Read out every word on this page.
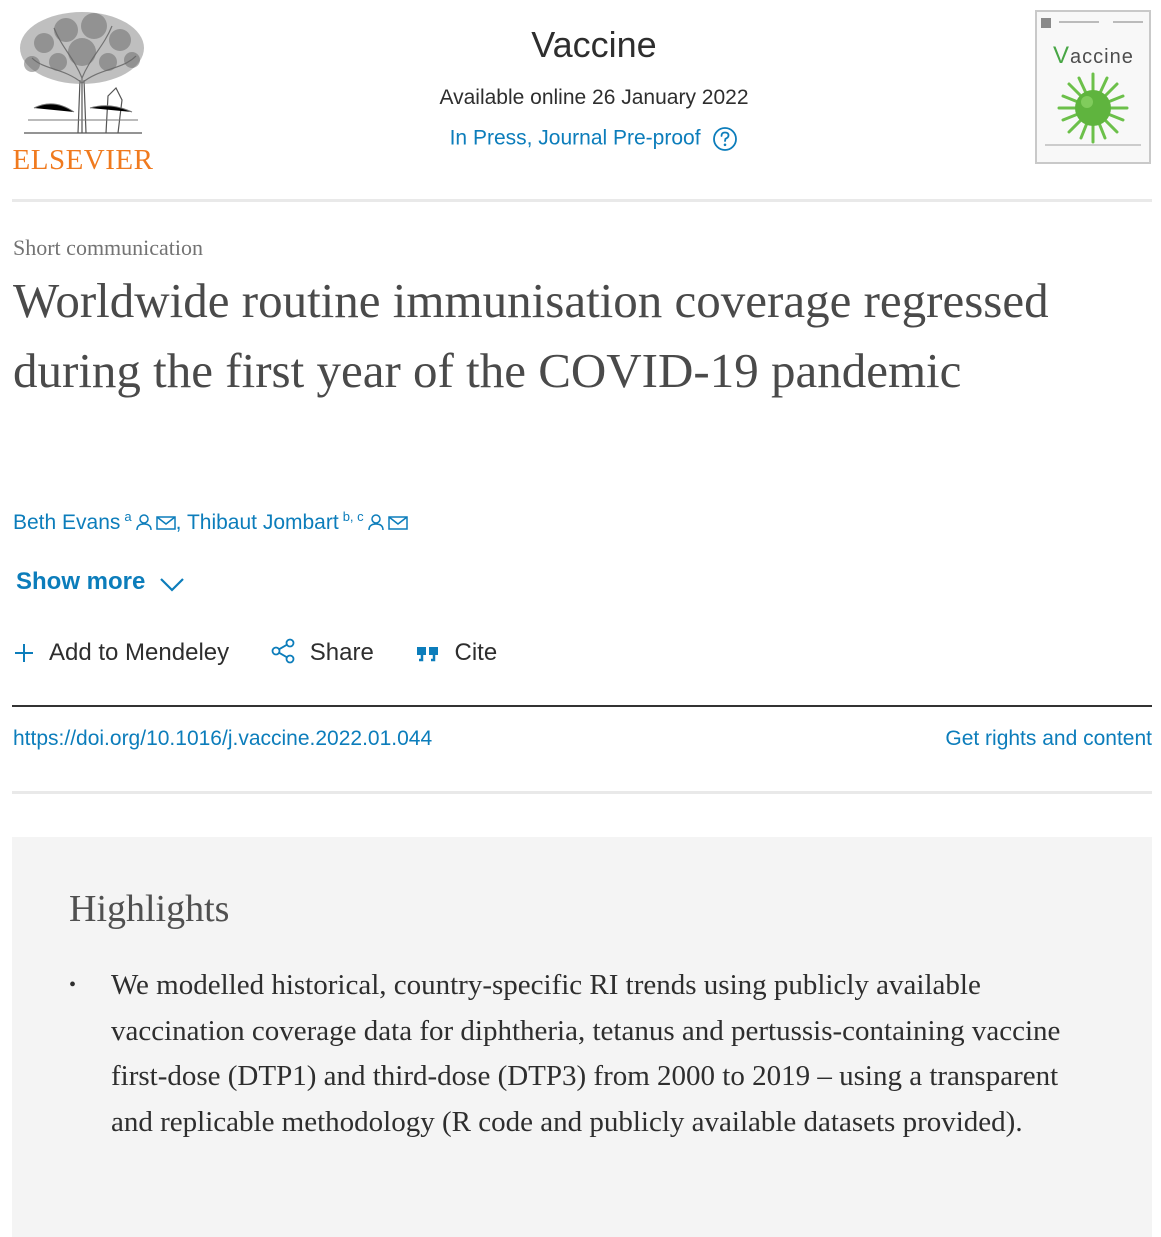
ELSEVIER
Vaccine
Available online 26 January 2022
In Press, Journal Pre-proof
Vaccine
Short communication
Worldwide routine immunisation coverage regressed during the first year of the COVID-19 pandemic
Beth Evans $^a$ , Thibaut Jombart $^{b, c}$
Show more
Add to Mendeley	Share	Cite
https://doi.org/10.1016/j.vaccine.2022.01.044	Get rights and content
Highlights
• We modelled historical, country-specific RI trends using publicly available vaccination coverage data for diphtheria, tetanus and pertussis-containing vaccine first-dose (DTP1) and third-dose (DTP3) from 2000 to 2019 – using a transparent and replicable methodology (R code and publicly available datasets provided).
